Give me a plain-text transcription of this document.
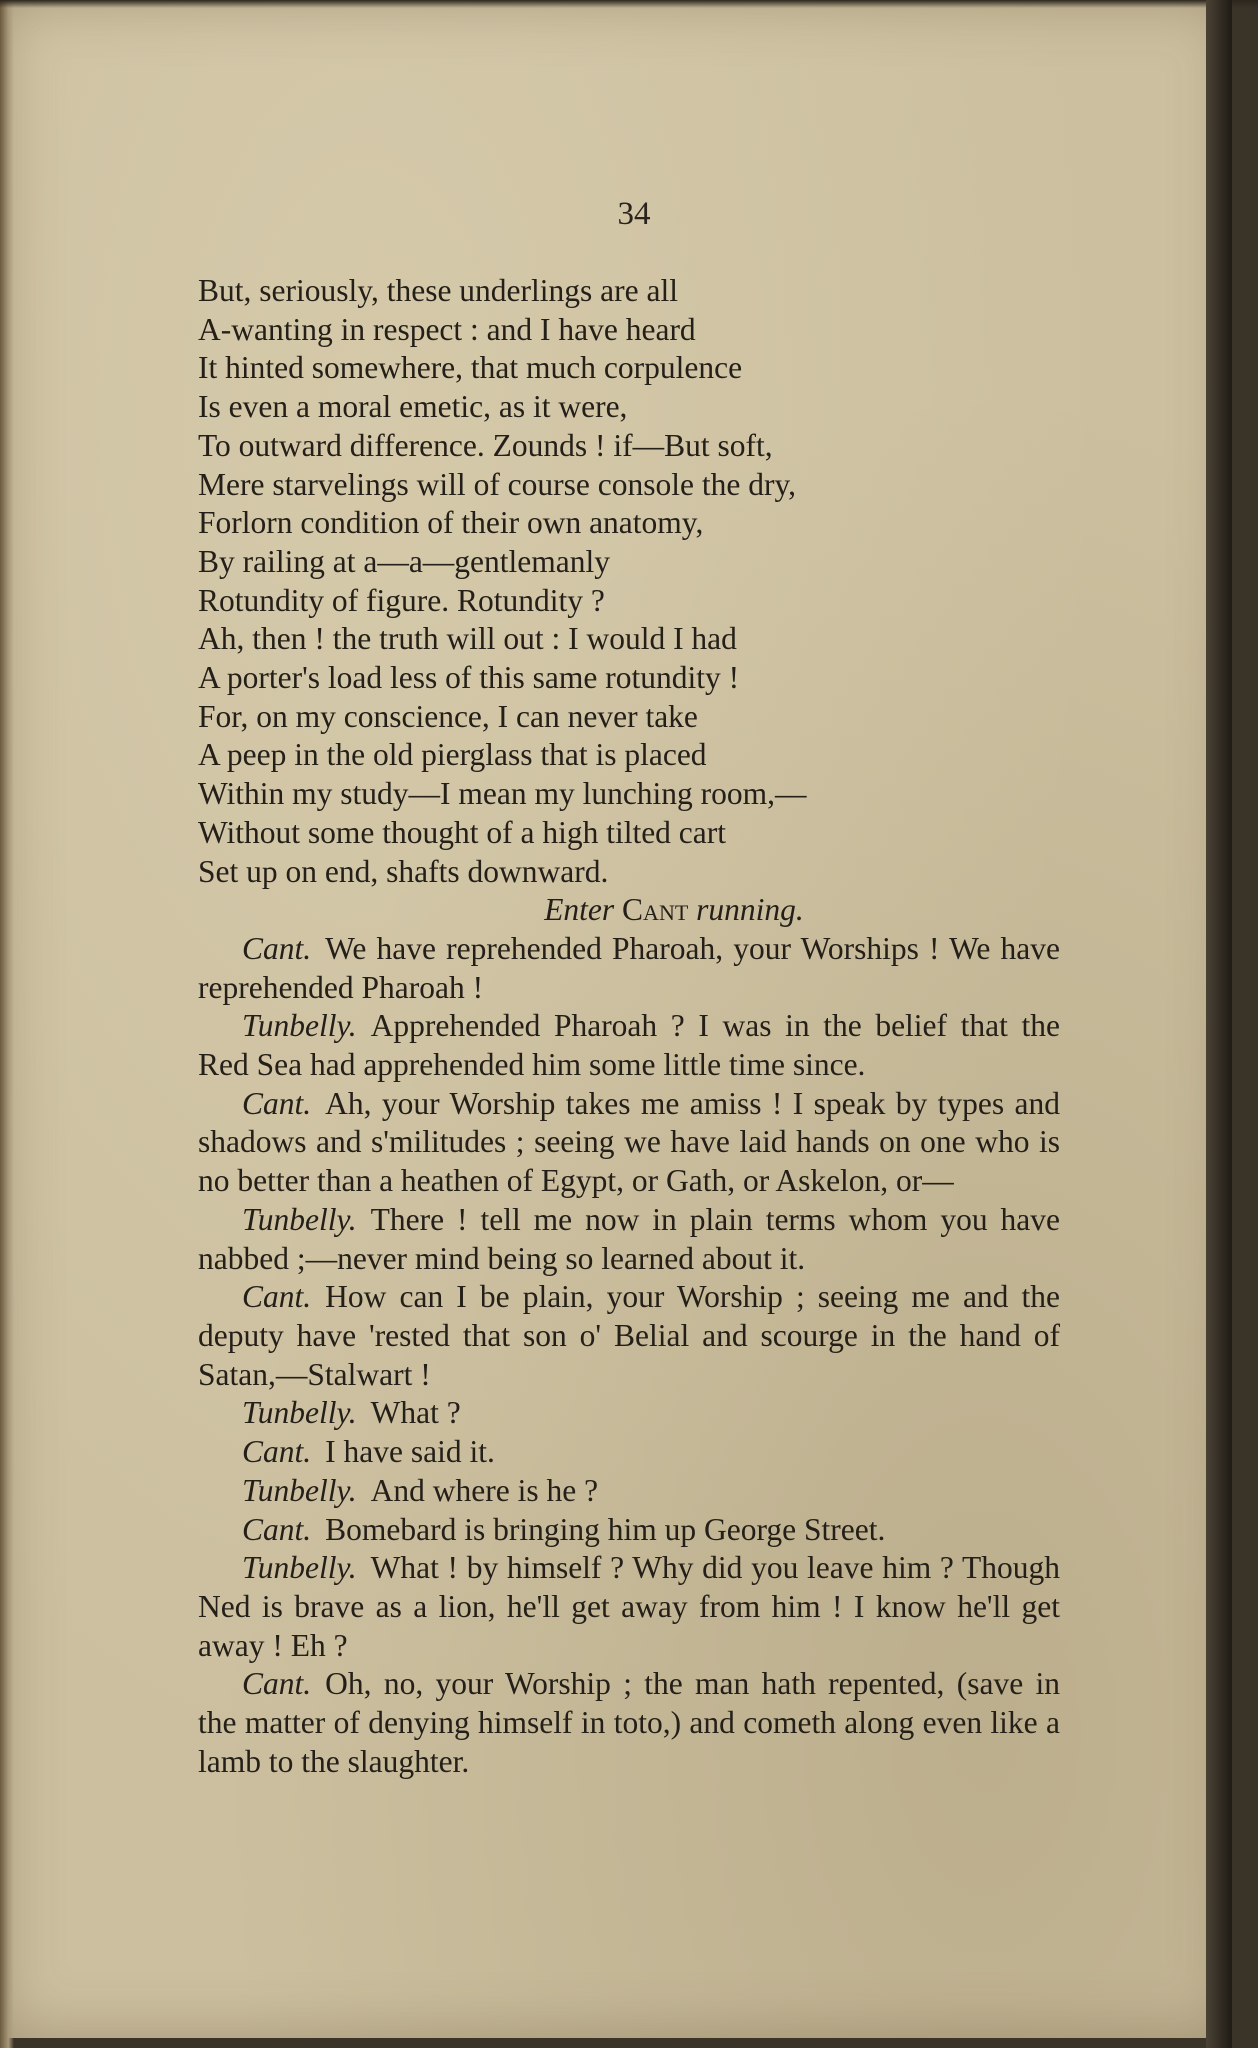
34
But, seriously, these underlings are all
A-wanting in respect : and I have heard
It hinted somewhere, that much corpulence
Is even a moral emetic, as it were,
To outward difference. Zounds ! if—But soft,
Mere starvelings will of course console the dry,
Forlorn condition of their own anatomy,
By railing at a—a—gentlemanly
Rotundity of figure. Rotundity ?
Ah, then ! the truth will out : I would I had
A porter's load less of this same rotundity !
For, on my conscience, I can never take
A peep in the old pierglass that is placed
Within my study—I mean my lunching room,—
Without some thought of a high tilted cart
Set up on end, shafts downward.
Enter Cant running.

Cant. We have reprehended Pharoah, your Worships ! We have reprehended Pharoah !

Tunbelly. Apprehended Pharoah ? I was in the belief that the Red Sea had apprehended him some little time since.

Cant. Ah, your Worship takes me amiss ! I speak by types and shadows and s'militudes ; seeing we have laid hands on one who is no better than a heathen of Egypt, or Gath, or Askelon, or—

Tunbelly. There ! tell me now in plain terms whom you have nabbed ;—never mind being so learned about it.

Cant. How can I be plain, your Worship ; seeing me and the deputy have 'rested that son o' Belial and scourge in the hand of Satan,—Stalwart !

Tunbelly. What ?

Cant. I have said it.

Tunbelly. And where is he ?

Cant. Bomebard is bringing him up George Street.

Tunbelly. What ! by himself ? Why did you leave him ? Though Ned is brave as a lion, he'll get away from him ! I know he'll get away ! Eh ?

Cant. Oh, no, your Worship ; the man hath repented, (save in the matter of denying himself in toto,) and cometh along even like a lamb to the slaughter.
